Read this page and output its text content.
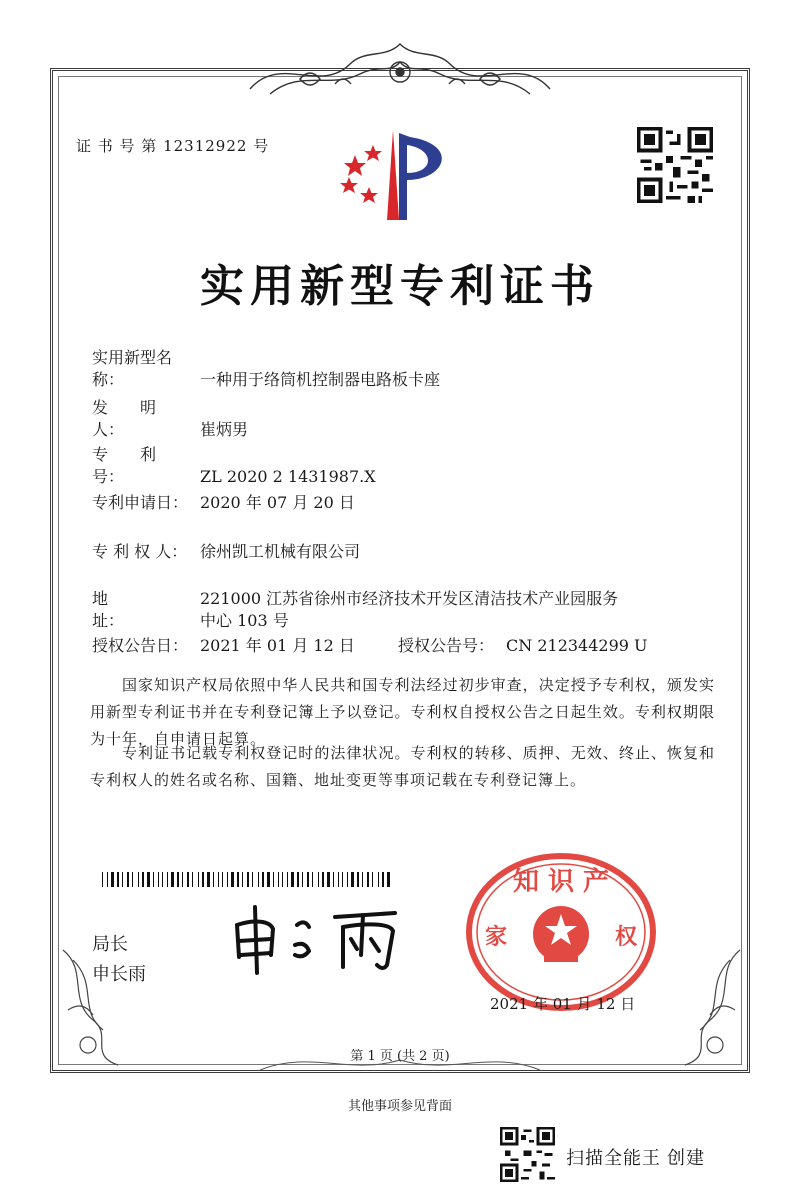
证 书 号 第 12312922 号
实用新型专利证书
实用新型名称：	一种用于络筒机控制器电路板卡座
发　　明　　人：	崔炳男
专　　利　　号：	ZL 2020 2 1431987.X
专利申请日： 2020 年 07 月 20 日
专 利 权 人： 徐州凯工机械有限公司
地　　　　　址：
221000 江苏省徐州市经济技术开发区清洁技术产业园服务中心 103 号
授权公告日： 2021 年 01 月 12 日	授权公告号： CN 212344299 U
国家知识产权局依照中华人民共和国专利法经过初步审查，决定授予专利权，颁发实用新型专利证书并在专利登记簿上予以登记。专利权自授权公告之日起生效。专利权期限为十年，自申请日起算。
专利证书记载专利权登记时的法律状况。专利权的转移、质押、无效、终止、恢复和专利权人的姓名或名称、国籍、地址变更等事项记载在专利登记簿上。
局长
申长雨
知 识 产
家	权
2021 年 01 月 12 日
第 1 页 (共 2 页)
其他事项参见背面
扫描全能王 创建
